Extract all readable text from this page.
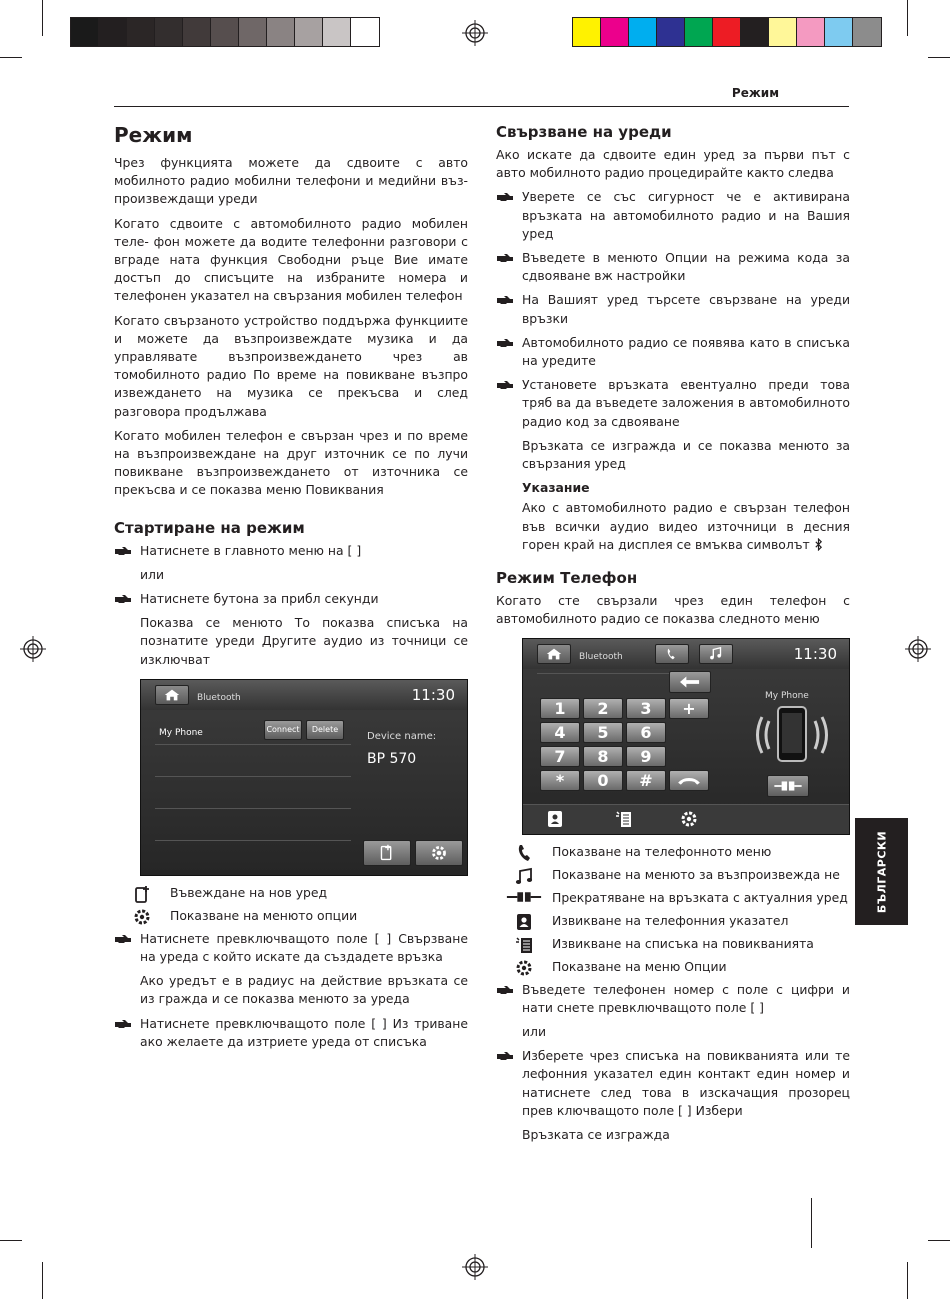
Режим
Режим

Чрез функцията можете да сдвоите с авто мобилното радио мобилни телефони и медийни въз- произвеждащи уреди

Когато сдвоите с автомобилното радио мобилен теле- фон можете да водите телефонни разговори с вграде ната функция Свободни ръце Вие имате достъп до списъците на избраните номера и телефонен указател на свързания мобилен телефон

Когато свързаното устройство поддържа функциите и можете да възпроизвеждате музика и да управлявате възпроизвеждането чрез ав томобилното радио По време на повикване възпро извеждането на музика се прекъсва и след разговора продължава

Когато мобилен телефон е свързан чрез и по време на възпроизвеждане на друг източник се по лучи повикване възпроизвеждането от източника се прекъсва и се показва меню Повиквания

Стартиране на режим
Натиснете в главното меню на [ ]
или
Натиснете бутона за прибл секунди

Показва се менюто То показва списъка на познатите уреди Другите аудио из точници се изключват

Bluetooth	11:30
My Phone	Connect	Delete
Device name:
BP 570
Въвеждане на нов уред
Показване на менюто опции
Натиснете превключващото поле [ ] Свързване на уреда с който искате да създадете връзка

Ако уредът е в радиус на действие връзката се из гражда и се показва менюто за уреда

Натиснете превключващото поле [ ] Из триване ако желаете да изтриете уреда от списъка
Свързване на уреди

Ако искате да сдвоите един уред за първи път с авто мобилното радио процедирайте както следва

Уверете се със сигурност че е активирана връзката на автомобилното радио и на Вашия уред
Въведете в менюто Опции на режима кода за сдвояване вж настройки
На Вашият уред търсете свързване на уреди връзки
Автомобилното радио се появява като в списъка на уредите
Установете връзката евентуално преди това тряб ва да въведете заложения в автомобилното радио код за сдвояване

Връзката се изгражда и се показва менюто за свързания уред

Указание

Ако с автомобилното радио е свързан телефон във всички аудио видео източници в десния горен край на дисплея се вмъква символът

Режим Телефон

Когато сте свързали чрез един телефон с автомобилното радио се показва следното меню

Bluetooth	11:30
1	2	3	+
4	5	6
7	8	9
*	0	#
My Phone
Показване на телефонното меню
Показване на менюто за възпроизвежда не
Прекратяване на връзката с актуалния уред
Извикване на телефонния указател
Извикване на списъка на повикванията
Показване на меню Опции
Въведете телефонен номер с поле с цифри и нати снете превключващото поле [ ]
или
Изберете чрез списъка на повикванията или те лефонния указател един контакт един номер и натиснете след това в изскачащия прозорец прев ключващото поле [ ] Избери

Връзката се изгражда

БЪЛГАРСКИ
